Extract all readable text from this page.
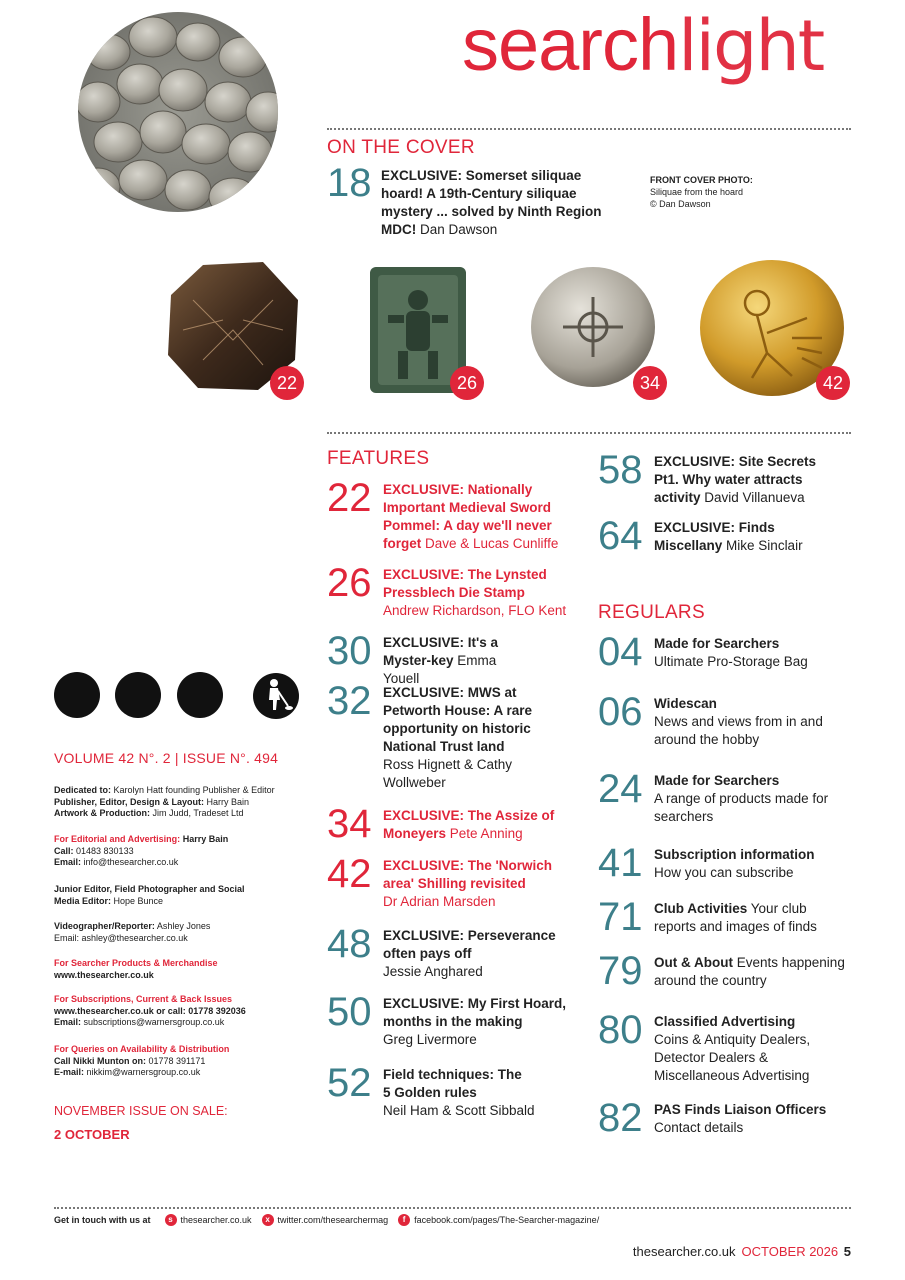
searchlight
ON THE COVER
18 EXCLUSIVE: Somerset siliquae hoard! A 19th-Century siliquae mystery ... solved by Ninth Region MDC! Dan Dawson
FRONT COVER PHOTO:
Siliquae from the hoard
© Dan Dawson
22	26	34	42
FEATURES
22 EXCLUSIVE: Nationally Important Medieval Sword Pommel: A day we'll never forget Dave & Lucas Cunliffe
26 EXCLUSIVE: The Lynsted Pressblech Die Stamp
Andrew Richardson, FLO Kent
30 EXCLUSIVE: It's a Myster-key Emma Youell
32 EXCLUSIVE: MWS at Petworth House: A rare opportunity on historic National Trust land
Ross Hignett & Cathy Wollweber
34 EXCLUSIVE: The Assize of Moneyers Pete Anning
42 EXCLUSIVE: The 'Norwich area' Shilling revisited
Dr Adrian Marsden
48 EXCLUSIVE: Perseverance often pays off
Jessie Anghared
50 EXCLUSIVE: My First Hoard, months in the making
Greg Livermore
52 Field techniques: The 5 Golden rules
Neil Ham & Scott Sibbald
58 EXCLUSIVE: Site Secrets Pt1. Why water attracts activity David Villanueva
64 EXCLUSIVE: Finds Miscellany Mike Sinclair
REGULARS
04 Made for Searchers
Ultimate Pro-Storage Bag
06 Widescan
News and views from in and around the hobby
24 Made for Searchers
A range of products made for searchers
41 Subscription information
How you can subscribe
71 Club Activities Your club reports and images of finds
79 Out & About Events happening around the country
80 Classified Advertising
Coins & Antiquity Dealers, Detector Dealers & Miscellaneous Advertising
82 PAS Finds Liaison Officers
Contact details
VOLUME 42 N°. 2 | ISSUE N°. 494
Dedicated to: Karolyn Hatt founding Publisher & Editor
Publisher, Editor, Design & Layout: Harry Bain
Artwork & Production: Jim Judd, Tradeset Ltd
For Editorial and Advertising: Harry Bain
Call: 01483 830133
Email: info@thesearcher.co.uk
Junior Editor, Field Photographer and Social Media Editor: Hope Bunce
Videographer/Reporter: Ashley Jones
Email: ashley@thesearcher.co.uk
For Searcher Products & Merchandise
www.thesearcher.co.uk
For Subscriptions, Current & Back Issues
www.thesearcher.co.uk or call: 01778 392036
Email: subscriptions@warnersgroup.co.uk
For Queries on Availability & Distribution
Call Nikki Munton on: 01778 391171
E-mail: nikkim@warnersgroup.co.uk
NOVEMBER ISSUE ON SALE:
2 OCTOBER
Get in touch with us at	s thesearcher.co.uk	x twitter.com/thesearchermag	f facebook.com/pages/The-Searcher-magazine/
thesearcher.co.uk OCTOBER 2026 5
